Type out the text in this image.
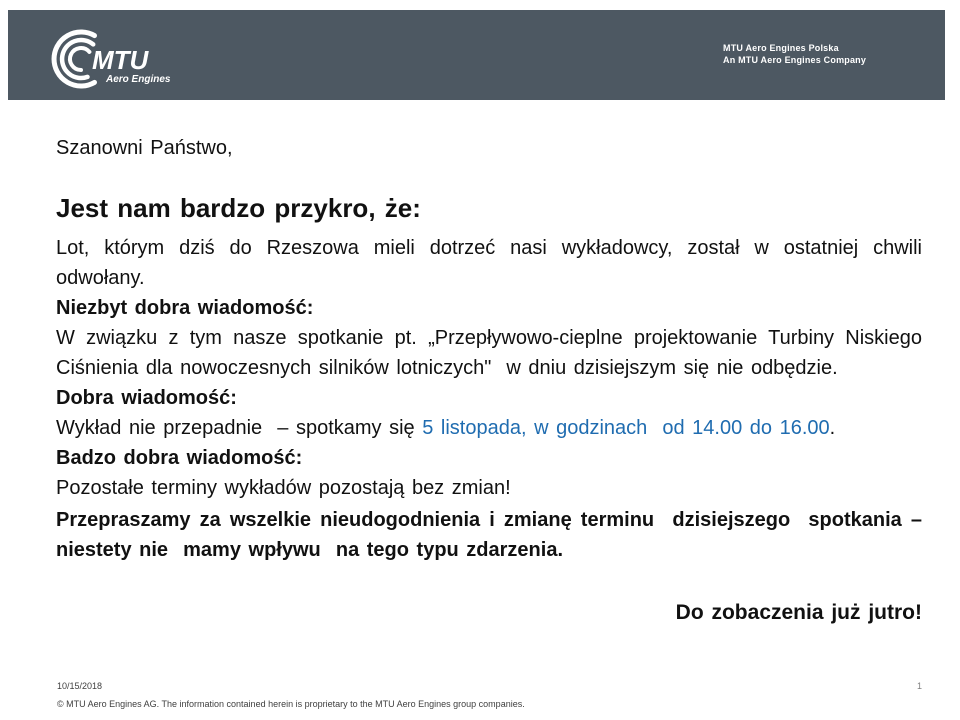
MTU
Aero Engines
MTU Aero Engines Polska
An MTU Aero Engines Company

Szanowni Państwo,

Jest nam bardzo przykro, że:

Lot, którym dziś do Rzeszowa mieli dotrzeć nasi wykładowcy, został w ostatniej chwili odwołany.

Niezbyt dobra wiadomość:

W związku z tym nasze spotkanie pt. „Przepływowo-cieplne projektowanie Turbiny Niskiego Ciśnienia dla nowoczesnych silników lotniczych"  w dniu dzisiejszym się nie odbędzie.

Dobra wiadomość:

Wykład nie przepadnie  – spotkamy się 5 listopada, w godzinach  od 14.00 do 16.00.

Badzo dobra wiadomość:

Pozostałe terminy wykładów pozostają bez zmian!

Przepraszamy za wszelkie nieudogodnienia i zmianę terminu  dzisiejszego  spotkania – niestety nie  mamy wpływu  na tego typu zdarzenia.

Do zobaczenia już jutro!

10/15/2018	1
© MTU Aero Engines AG. The information contained herein is proprietary to the MTU Aero Engines group companies.
